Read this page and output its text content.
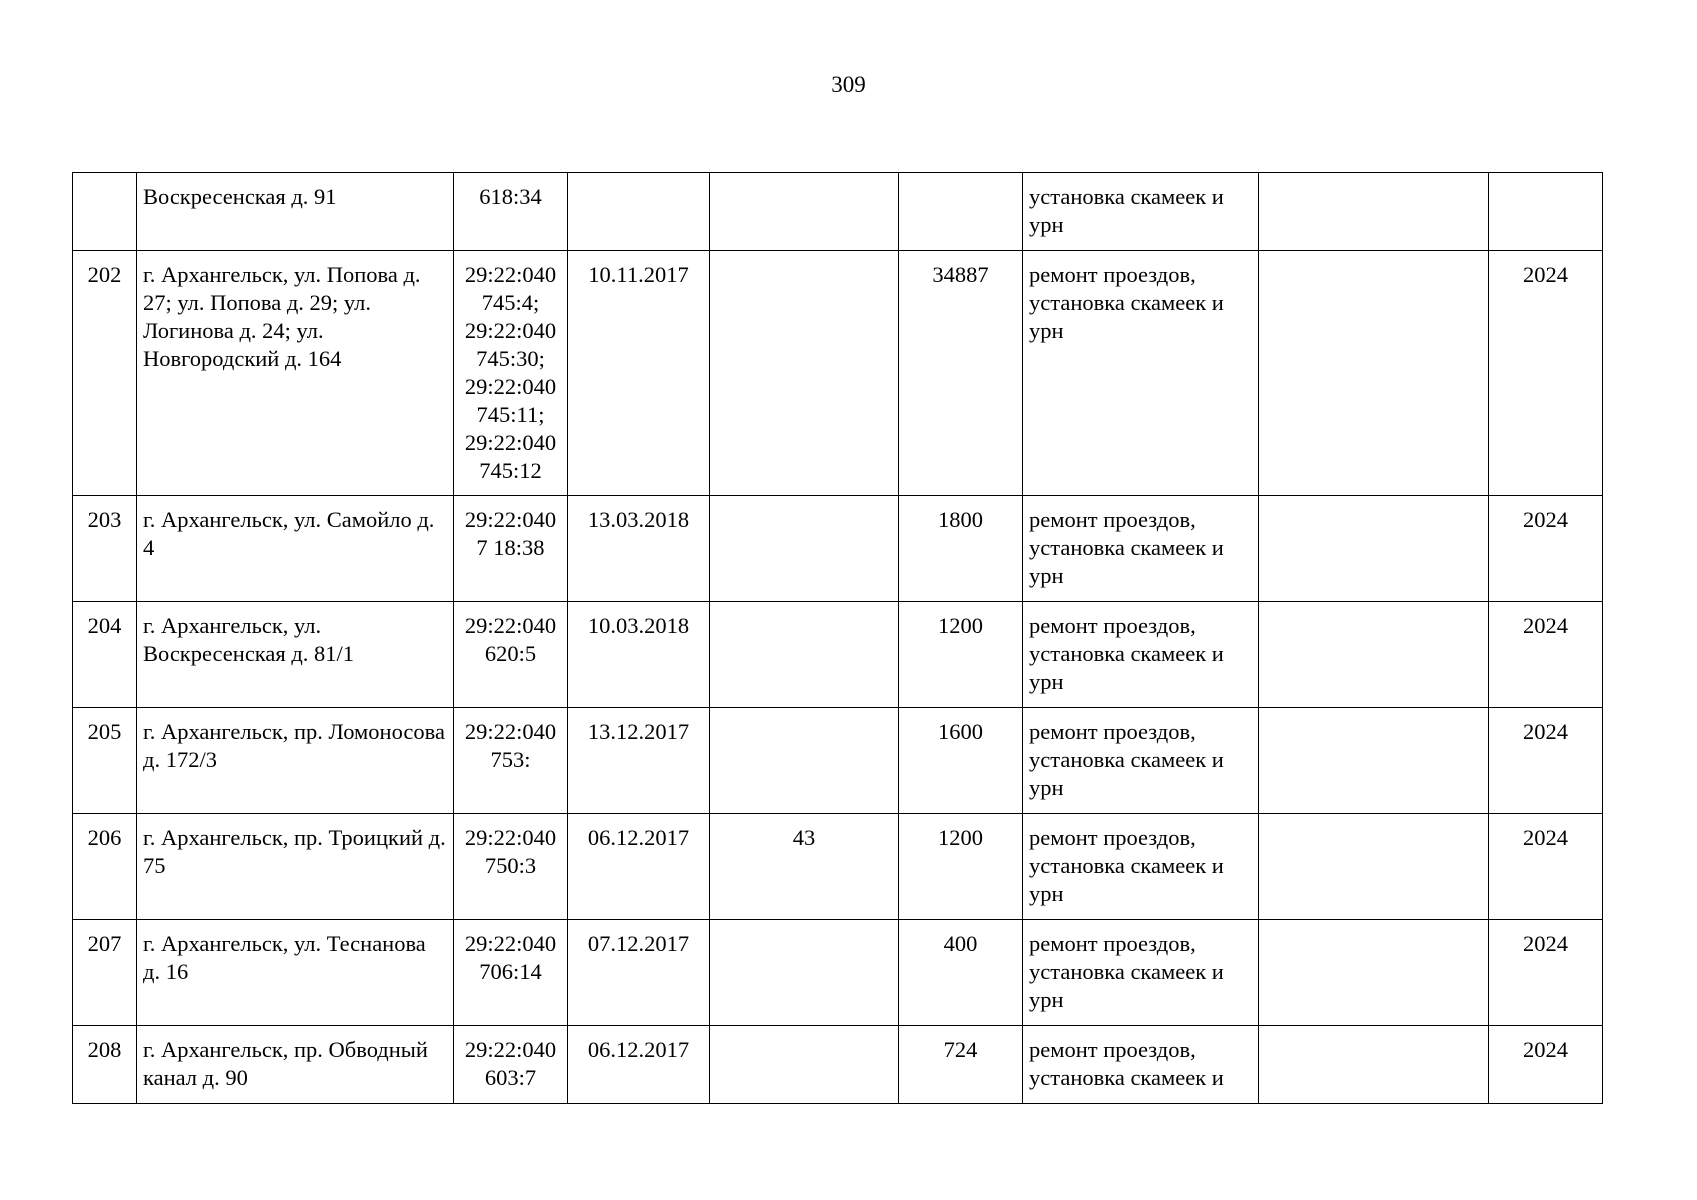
309
	Воскресенская д. 91	618:34				установка скамеек и урн		
202	г. Архангельск, ул. Попова д. 27; ул. Попова д. 29; ул. Логинова д. 24; ул. Новгородский д. 164	29:22:040 745:4; 29:22:040 745:30; 29:22:040 745:11; 29:22:040 745:12	10.11.2017		34887	ремонт проездов, установка скамеек и урн		2024
203	г. Архангельск, ул. Самойло д. 4	29:22:040 7 18:38	13.03.2018		1800	ремонт проездов, установка скамеек и урн		2024
204	г. Архангельск, ул. Воскресенская д. 81/1	29:22:040 620:5	10.03.2018		1200	ремонт проездов, установка скамеек и урн		2024
205	г. Архангельск, пр. Ломоносова д. 172/3	29:22:040 753:	13.12.2017		1600	ремонт проездов, установка скамеек и урн		2024
206	г. Архангельск, пр. Троицкий д. 75	29:22:040 750:3	06.12.2017	43	1200	ремонт проездов, установка скамеек и урн		2024
207	г. Архангельск, ул. Теснанова д. 16	29:22:040 706:14	07.12.2017		400	ремонт проездов, установка скамеек и урн		2024
208	г. Архангельск, пр. Обводный канал д. 90	29:22:040 603:7	06.12.2017		724	ремонт проездов, установка скамеек и		2024
